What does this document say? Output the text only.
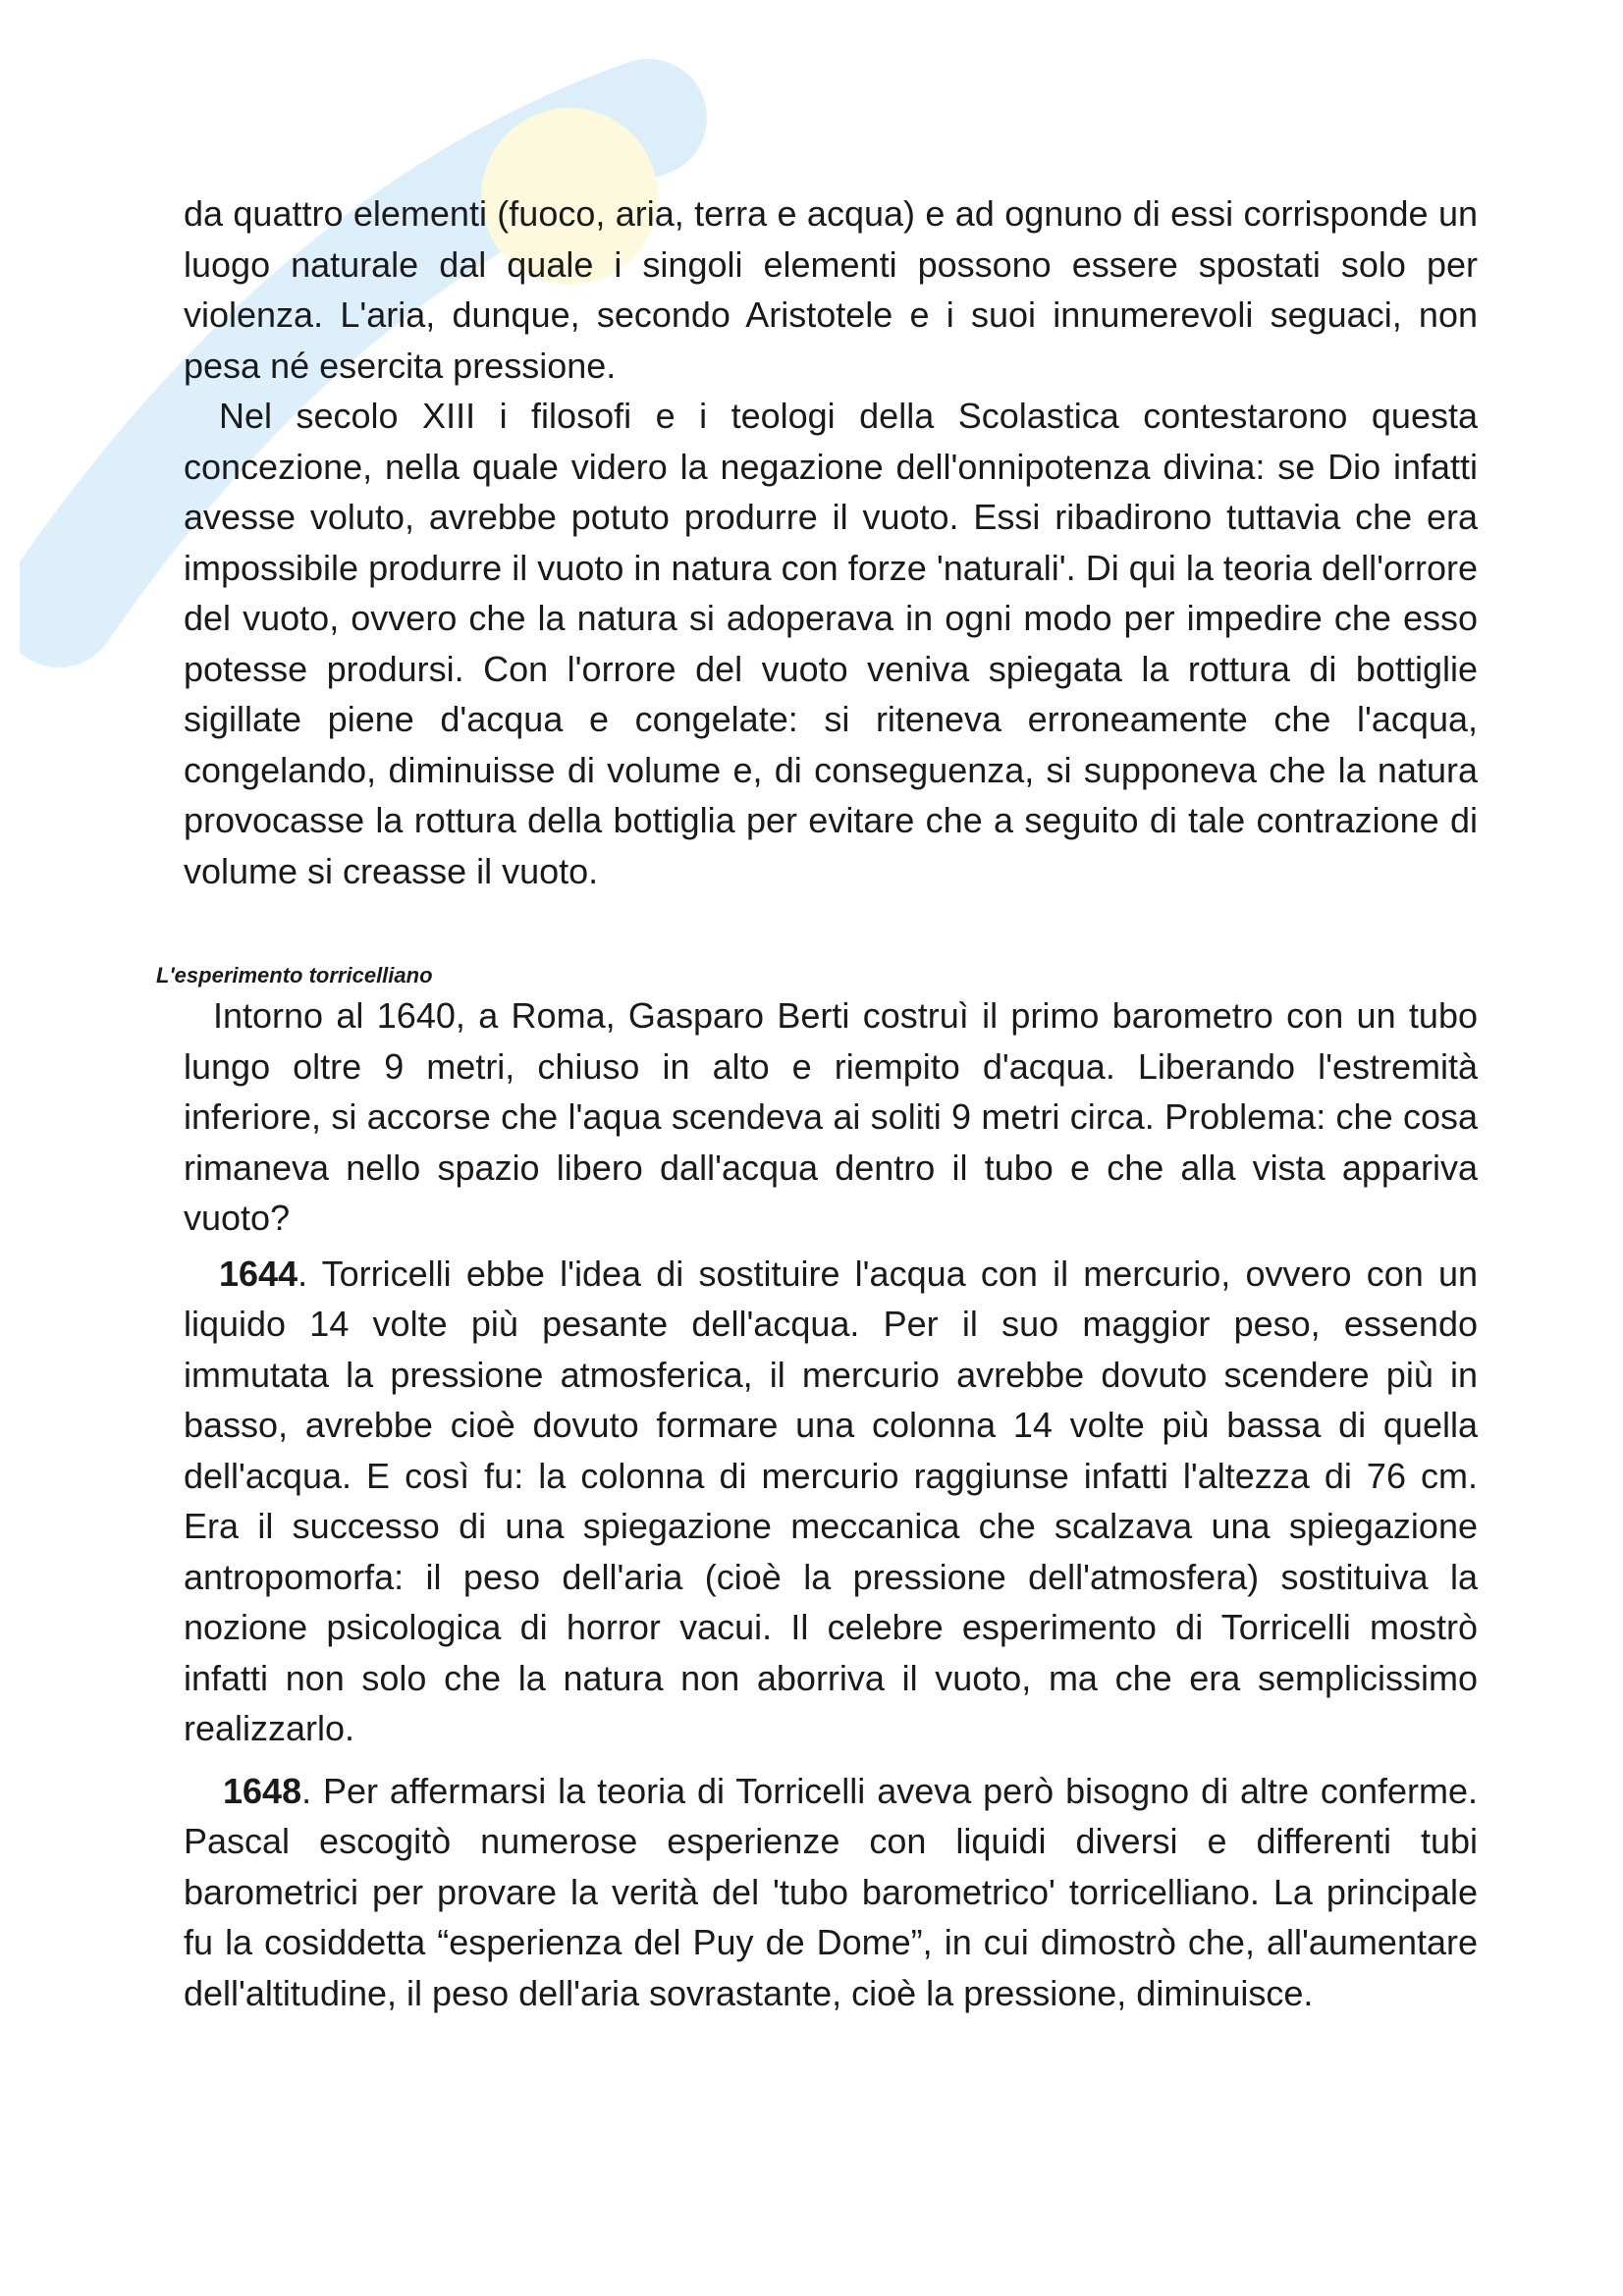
da quattro elementi (fuoco, aria, terra e acqua) e ad ognuno di essi corrisponde un luogo naturale dal quale i singoli elementi possono essere spostati solo per violenza. L'aria, dunque, secondo Aristotele e i suoi innumerevoli seguaci, non pesa né esercita pressione.

Nel secolo XIII i filosofi e i teologi della Scolastica contestarono questa concezione, nella quale videro la negazione dell'onnipotenza divina: se Dio infatti avesse voluto, avrebbe potuto produrre il vuoto. Essi ribadirono tuttavia che era impossibile produrre il vuoto in natura con forze 'naturali'. Di qui la teoria dell'orrore del vuoto, ovvero che la natura si adoperava in ogni modo per impedire che esso potesse prodursi. Con l'orrore del vuoto veniva spiegata la rottura di bottiglie sigillate piene d'acqua e congelate: si riteneva erroneamente che l'acqua, congelando, diminuisse di volume e, di conseguenza, si supponeva che la natura provocasse la rottura della bottiglia per evitare che a seguito di tale contrazione di volume si creasse il vuoto.

L'esperimento torricelliano

Intorno al 1640, a Roma, Gasparo Berti costruì il primo barometro con un tubo lungo oltre 9 metri, chiuso in alto e riempito d'acqua. Liberando l'estremità inferiore, si accorse che l'aqua scendeva ai soliti 9 metri circa. Problema: che cosa rimaneva nello spazio libero dall'acqua dentro il tubo e che alla vista appariva vuoto?

1644. Torricelli ebbe l'idea di sostituire l'acqua con il mercurio, ovvero con un liquido 14 volte più pesante dell'acqua. Per il suo maggior peso, essendo immutata la pressione atmosferica, il mercurio avrebbe dovuto scendere più in basso, avrebbe cioè dovuto formare una colonna 14 volte più bassa di quella dell'acqua. E così fu: la colonna di mercurio raggiunse infatti l'altezza di 76 cm. Era il successo di una spiegazione meccanica che scalzava una spiegazione antropomorfa: il peso dell'aria (cioè la pressione dell'atmosfera) sostituiva la nozione psicologica di horror vacui. Il celebre esperimento di Torricelli mostrò infatti non solo che la natura non aborriva il vuoto, ma che era semplicissimo realizzarlo.

1648. Per affermarsi la teoria di Torricelli aveva però bisogno di altre conferme. Pascal escogitò numerose esperienze con liquidi diversi e differenti tubi barometrici per provare la verità del 'tubo barometrico' torricelliano. La principale fu la cosiddetta “esperienza del Puy de Dome”, in cui dimostrò che, all'aumentare dell'altitudine, il peso dell'aria sovrastante, cioè la pressione, diminuisce.
